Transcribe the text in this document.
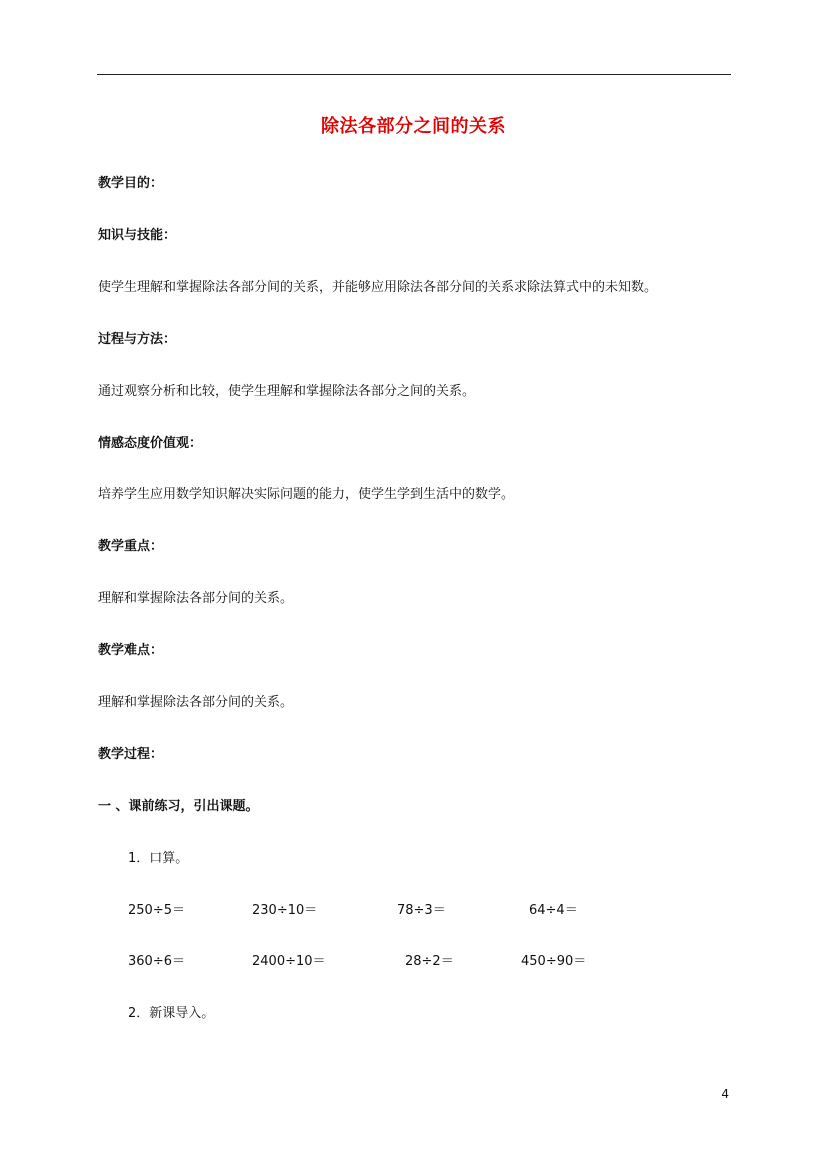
除法各部分之间的关系
教学目的：
知识与技能：
使学生理解和掌握除法各部分间的关系，并能够应用除法各部分间的关系求除法算式中的未知数。
过程与方法：
通过观察分析和比较，使学生理解和掌握除法各部分之间的关系。
情感态度价值观：
培养学生应用数学知识解决实际问题的能力，使学生学到生活中的数学。
教学重点：
理解和掌握除法各部分间的关系。
教学难点：
理解和掌握除法各部分间的关系。
教学过程：
一 、课前练习，引出课题。
1．口算。
250÷5＝	230÷10＝	78÷3＝	64÷4＝
360÷6＝	2400÷10＝	28÷2＝	450÷90＝
2．新课导入。
4
